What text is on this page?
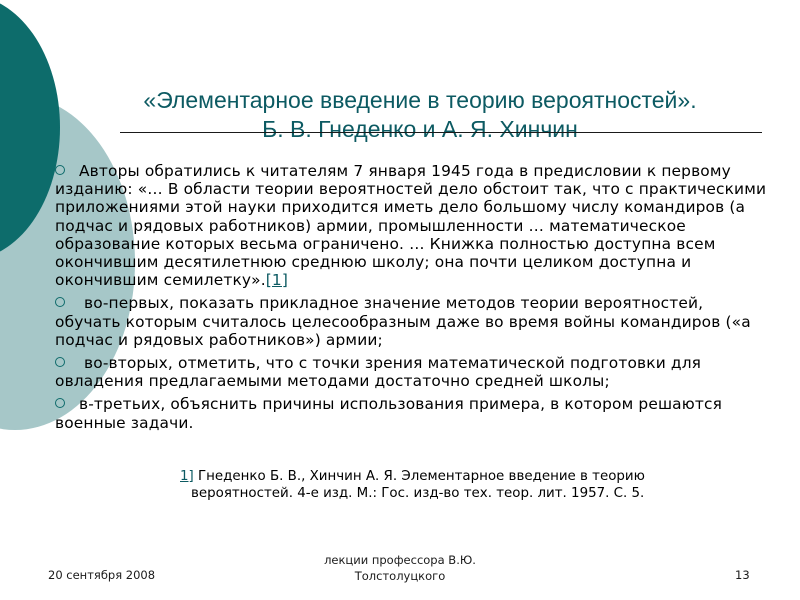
«Элементарное введение в теорию вероятностей».
Б. В. Гнеденко и А. Я. Хинчин

Авторы обратились к читателям 7 января 1945 года в предисловии к первому изданию: «… В области теории вероятностей дело обстоит так, что с практическими приложениями этой науки приходится иметь дело большому числу командиров (а подчас и рядовых работников) армии, промышленности … математическое образование которых весьма ограничено. … Книжка полностью доступна всем окончившим десятилетнюю среднюю школу; она почти целиком доступна и окончившим семилетку».[1]

во-первых, показать прикладное значение методов теории вероятностей, обучать которым считалось целесообразным даже во время войны командиров («а подчас и рядовых работников») армии;

во-вторых, отметить, что с точки зрения математической подготовки для овладения предлагаемыми методами достаточно средней школы;

в-третьих, объяснить причины использования примера, в котором решаются военные задачи.

1] Гнеденко Б. В., Хинчин А. Я. Элементарное введение в теорию
вероятностей. 4-е изд. М.: Гос. изд-во тех. теор. лит. 1957. С. 5.
20 сентября 2008
лекции профессора В.Ю.
Толстолуцкого	13
